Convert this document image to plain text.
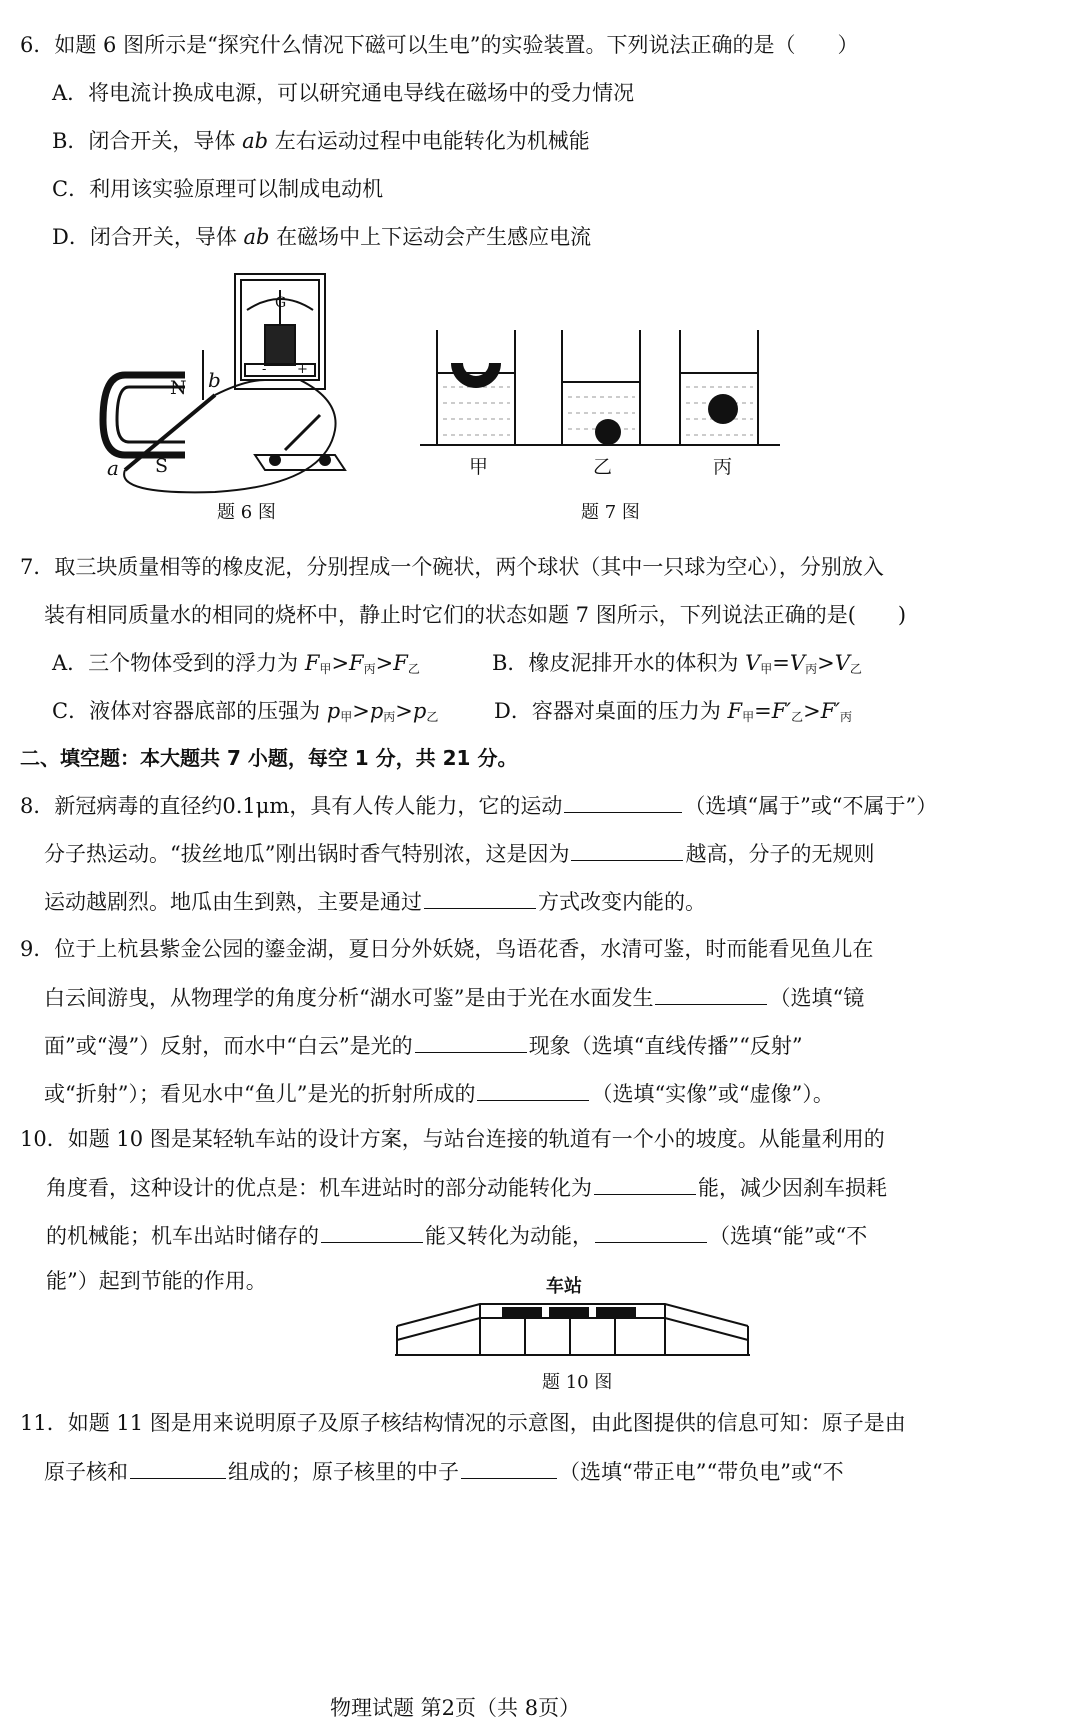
6．如题 6 图所示是“探究什么情况下磁可以生电”的实验装置。下列说法正确的是（　　）
A．将电流计换成电源，可以研究通电导线在磁场中的受力情况
B．闭合开关，导体 ab 左右运动过程中电能转化为机械能
C．利用该实验原理可以制成电动机
D．闭合开关，导体 ab 在磁场中上下运动会产生感应电流
N
S
a
b
G
- +
题 6 图
甲	乙	丙
题 7 图
7．取三块质量相等的橡皮泥，分别捏成一个碗状，两个球状（其中一只球为空心），分别放入
装有相同质量水的相同的烧杯中，静止时它们的状态如题 7 图所示，下列说法正确的是(　　)
A．三个物体受到的浮力为 $F_甲>F_丙>F_乙$	B．橡皮泥排开水的体积为 $V_甲=V_丙>V_乙$
C．液体对容器底部的压强为 $p_甲>p_丙>p_乙$	D．容器对桌面的压力为 $F_甲=F'_乙>F'_丙$
二、填空题：本大题共 7 小题，每空 1 分，共 21 分。
8．新冠病毒的直径约0.1μm，具有人传人能力，它的运动	（选填“属于”或“不属于”）
分子热运动。“拔丝地瓜”刚出锅时香气特别浓，这是因为	越高，分子的无规则
运动越剧烈。地瓜由生到熟，主要是通过	方式改变内能的。
9．位于上杭县紫金公园的鎏金湖，夏日分外妖娆，鸟语花香，水清可鉴，时而能看见鱼儿在
白云间游曳，从物理学的角度分析“湖水可鉴”是由于光在水面发生	（选填“镜
面”或“漫”）反射，而水中“白云”是光的	现象（选填“直线传播”“反射”
或“折射”）；看见水中“鱼儿”是光的折射所成的	（选填“实像”或“虚像”）。
10．如题 10 图是某轻轨车站的设计方案，与站台连接的轨道有一个小的坡度。从能量利用的
角度看，这种设计的优点是：机车进站时的部分动能转化为	能，减少因刹车损耗
的机械能；机车出站时储存的	能又转化为动能，	（选填“能”或“不
能”）起到节能的作用。	车站
题 10 图
11．如题 11 图是用来说明原子及原子核结构情况的示意图，由此图提供的信息可知：原子是由
原子核和	组成的；原子核里的中子	（选填“带正电”“带负电”或“不
物理试题 第2页（共 8页）
